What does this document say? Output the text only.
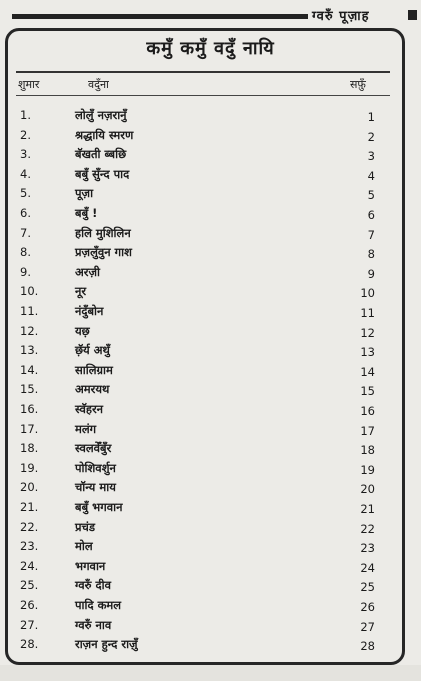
ग्वरुँ पूज़ाह
कमुँ कमुँ वदुँ नायि
शुमार	वदुँना	सफ़ुँ
1.	लोलुँ नज़रानुँ	1
2.	श्रद्धायि स्मरण	2
3.	बॅखती ब्बछि	3
4.	बबुँ सुँन्द पाद	4
5.	पूज़ा	5
6.	बबुँ !	6
7.	हलि मुशिलिन	7
8.	प्रज़लुँवुन गाश	8
9.	अरज़ी	9
10.	नूर	10
11.	नंदुँबोन	11
12.	यछ़	12
13.	छ़ॅर्य अथुँ	13
14.	सालिग्राम	14
15.	अमरयथ	15
16.	स्वॅहरन	16
17.	मलंग	17
18.	स्वलवेँबुँर	18
19.	पोशिवर्शुन	19
20.	चॉन्य माय	20
21.	बबुँ भगवान	21
22.	प्रचंड	22
23.	मोल	23
24.	भगवान	24
25.	ग्वरुँ दीव	25
26.	पादि कमल	26
27.	ग्वरुँ नाव	27
28.	राज़न हुन्द राज़ुँ	28
